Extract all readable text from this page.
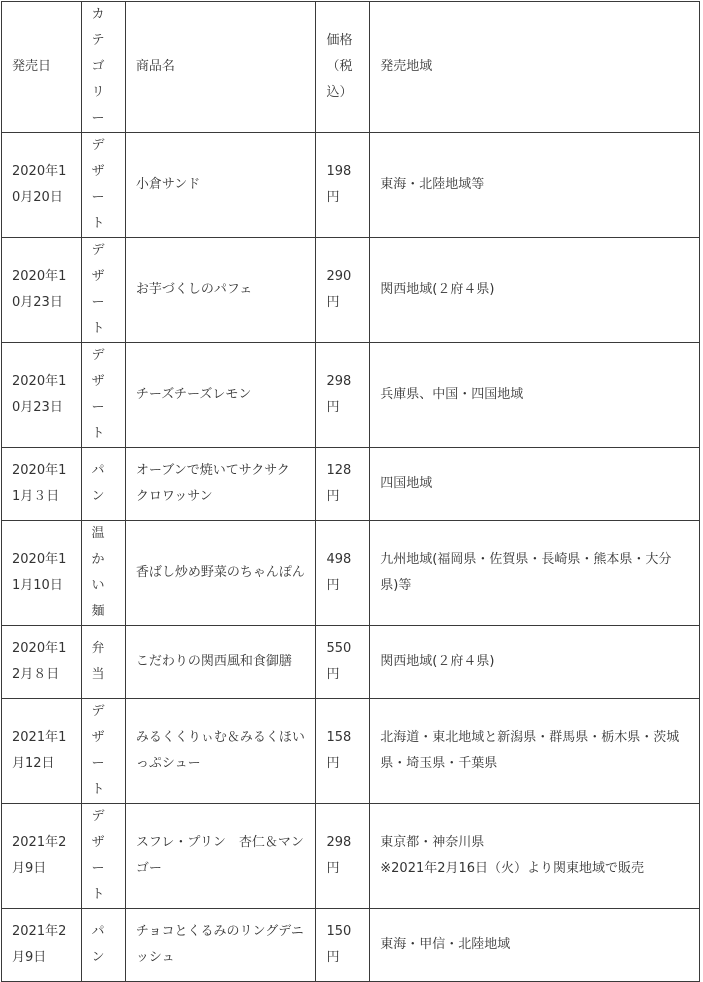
発売日	カテゴリー	商品名	価格（税込）	発売地域
2020年10月20日	デザート	小倉サンド	198円	東海・北陸地域等
2020年10月23日	デザート	お芋づくしのパフェ	290円	関西地域(２府４県)
2020年10月23日	デザート	チーズチーズレモン	298円	兵庫県、中国・四国地域
2020年11月３日	パン	オーブンで焼いてサクサク　クロワッサン	128円	四国地域
2020年11月10日	温かい麺	香ばし炒め野菜のちゃんぽん	498円	九州地域(福岡県・佐賀県・長崎県・熊本県・大分県)等
2020年12月８日	弁当	こだわりの関西風和食御膳	550円	関西地域(２府４県)
2021年1月12日	デザート	みるくくりぃむ＆みるくほいっぷシュー	158円	北海道・東北地域と新潟県・群馬県・栃木県・茨城県・埼玉県・千葉県
2021年2月9日	デザート	スフレ・プリン　杏仁＆マンゴー	298円	東京都・神奈川県
※2021年2月16日（火）より関東地域で販売

2021年2月9日	パン	チョコとくるみのリングデニッシュ	150円	東海・甲信・北陸地域
